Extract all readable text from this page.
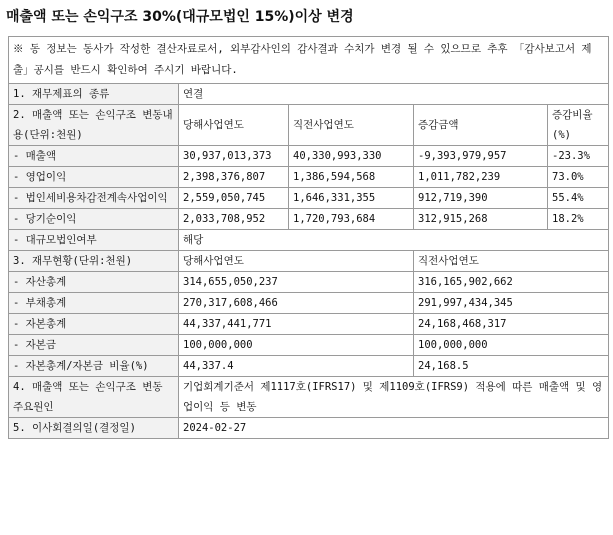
매출액 또는 손익구조 30%(대규모법인 15%)이상 변경
※ 동 정보는 동사가 작성한 결산자료로서, 외부감사인의 감사결과 수치가 변경 될 수 있으므로 추후 「감사보고서 제출」공시를 반드시 확인하여 주시기 바랍니다.				
1. 재무제표의 종류	연결			
2. 매출액 또는 손익구조 변동내용(단위:천원)	당해사업연도	직전사업연도	증감금액	증감비율 (%)
- 매출액	30,937,013,373	40,330,993,330	-9,393,979,957	-23.3%
- 영업이익	2,398,376,807	1,386,594,568	1,011,782,239	73.0%
- 법인세비용차감전계속사업이익	2,559,050,745	1,646,331,355	912,719,390	55.4%
- 당기순이익	2,033,708,952	1,720,793,684	312,915,268	18.2%
- 대규모법인여부	해당			
3. 재무현황(단위:천원)	당해사업연도		직전사업연도	
- 자산총계	314,655,050,237		316,165,902,662	
- 부채총계	270,317,608,466		291,997,434,345	
- 자본총계	44,337,441,771		24,168,468,317	
- 자본금	100,000,000		100,000,000	
- 자본총계/자본금 비율(%)	44,337.4		24,168.5	
4. 매출액 또는 손익구조 변동 주요원인	기업회계기준서 제1117호(IFRS17) 및 제1109호(IFRS9) 적용에 따른 매출액 및 영업이익 등 변동			
5. 이사회결의일(결정일)	2024-02-27			
